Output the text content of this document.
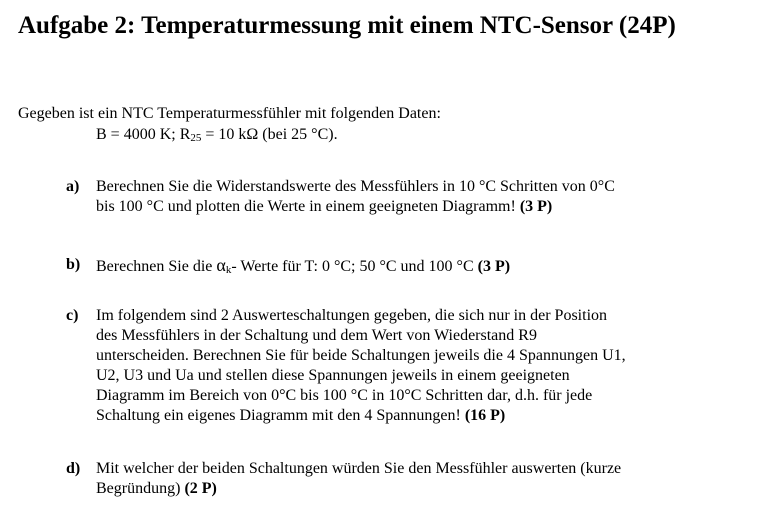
Aufgabe 2: Temperaturmessung mit einem NTC-Sensor (24P)

Gegeben ist ein NTC Temperaturmessfühler mit folgenden Daten:

B = 4000 K; $R_{25} = 10$ kΩ (bei 25 °C).

a) Berechnen Sie die Widerstandswerte des Messfühlers in 10 °C Schritten von 0°C
bis 100 °C und plotten die Werte in einem geeigneten Diagramm! (3 P)
b) Berechnen Sie die $\alpha_k-$ Werte für T: 0 °C; 50 °C und 100 °C (3 P)
c) Im folgendem sind 2 Auswerteschaltungen gegeben, die sich nur in der Position
des Messfühlers in der Schaltung und dem Wert von Wiederstand R9
unterscheiden. Berechnen Sie für beide Schaltungen jeweils die 4 Spannungen U1,
U2, U3 und Ua und stellen diese Spannungen jeweils in einem geeigneten
Diagramm im Bereich von 0°C bis 100 °C in 10°C Schritten dar, d.h. für jede
Schaltung ein eigenes Diagramm mit den 4 Spannungen! (16 P)
d) Mit welcher der beiden Schaltungen würden Sie den Messfühler auswerten (kurze
Begründung) (2 P)
